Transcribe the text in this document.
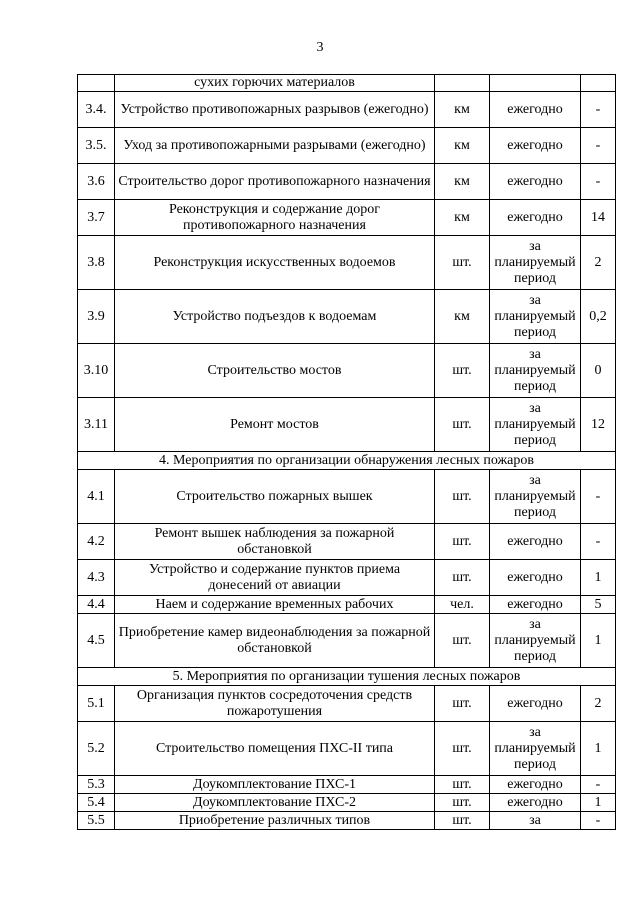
3
	сухих горючих материалов			
3.4.	Устройство противопожарных разрывов (ежегодно)	км	ежегодно	-
3.5.	Уход за противопожарными разрывами (ежегодно)	км	ежегодно	-
3.6	Строительство дорог противопожарного назначения	км	ежегодно	-
3.7	Реконструкция и содержание дорог противопожарного назначения	км	ежегодно	14
3.8	Реконструкция искусственных водоемов	шт.	за планируемый период	2
3.9	Устройство подъездов к водоемам	км	за планируемый период	0,2
3.10	Строительство мостов	шт.	за планируемый период	0
3.11	Ремонт мостов	шт.	за планируемый период	12
4. Мероприятия по организации обнаружения лесных пожаров				
4.1	Строительство пожарных вышек	шт.	за планируемый период	-
4.2	Ремонт вышек наблюдения за пожарной обстановкой	шт.	ежегодно	-
4.3	Устройство и содержание пунктов приема донесений от авиации	шт.	ежегодно	1
4.4	Наем и содержание временных рабочих	чел.	ежегодно	5
4.5	Приобретение камер видеонаблюдения за пожарной обстановкой	шт.	за планируемый период	1
5. Мероприятия по организации тушения лесных пожаров				
5.1	Организация пунктов сосредоточения средств пожаротушения	шт.	ежегодно	2
5.2	Строительство помещения ПХС-II типа	шт.	за планируемый период	1
5.3	Доукомплектование ПХС-1	шт.	ежегодно	-
5.4	Доукомплектование ПХС-2	шт.	ежегодно	1
5.5	Приобретение различных типов	шт.	за	-
